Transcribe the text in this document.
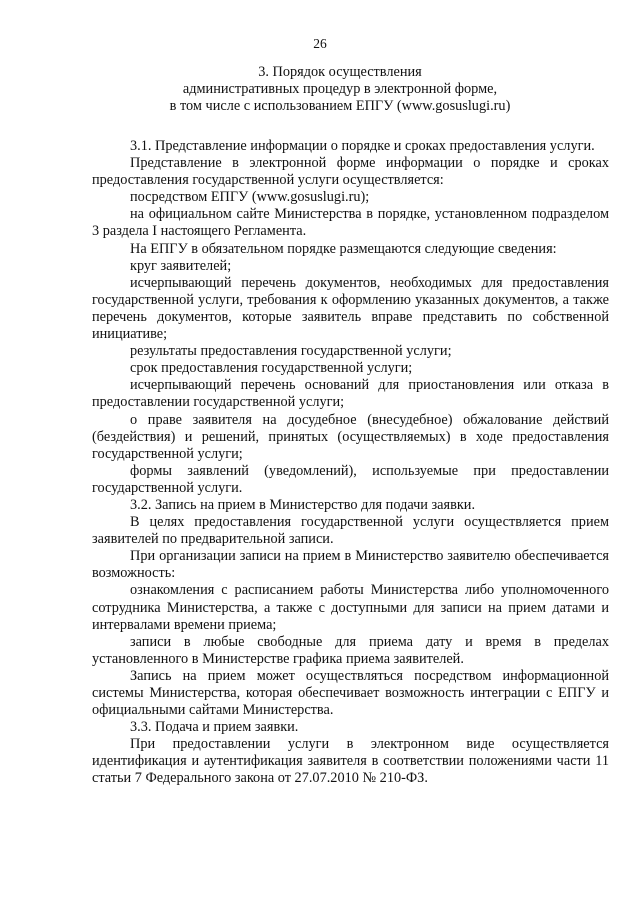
26
3. Порядок осуществления
административных процедур в электронной форме,
в том числе с использованием ЕПГУ (www.gosuslugi.ru)

3.1. Представление информации о порядке и сроках предоставления услуги.

Представление в электронной форме информации о порядке и сроках предоставления государственной услуги осуществляется:

посредством ЕПГУ (www.gosuslugi.ru);

на официальном сайте Министерства в порядке, установленном подразделом 3 раздела I настоящего Регламента.

На ЕПГУ в обязательном порядке размещаются следующие сведения:

круг заявителей;

исчерпывающий перечень документов, необходимых для предоставления государственной услуги, требования к оформлению указанных документов, а также перечень документов, которые заявитель вправе представить по собственной инициативе;

результаты предоставления государственной услуги;

срок предоставления государственной услуги;

исчерпывающий перечень оснований для приостановления или отказа в предоставлении государственной услуги;

о праве заявителя на досудебное (внесудебное) обжалование действий (бездействия) и решений, принятых (осуществляемых) в ходе предоставления государственной услуги;

формы заявлений (уведомлений), используемые при предоставлении государственной услуги.

3.2. Запись на прием в Министерство для подачи заявки.

В целях предоставления государственной услуги осуществляется прием заявителей по предварительной записи.

При организации записи на прием в Министерство заявителю обеспечивается возможность:

ознакомления с расписанием работы Министерства либо уполномоченного сотрудника Министерства, а также с доступными для записи на прием датами и интервалами времени приема;

записи в любые свободные для приема дату и время в пределах установленного в Министерстве графика приема заявителей.

Запись на прием может осуществляться посредством информационной системы Министерства, которая обеспечивает возможность интеграции с ЕПГУ и официальными сайтами Министерства.

3.3. Подача и прием заявки.

При предоставлении услуги в электронном виде осуществляется идентификация и аутентификация заявителя в соответствии положениями части 11 статьи 7 Федерального закона от 27.07.2010 № 210-ФЗ.
